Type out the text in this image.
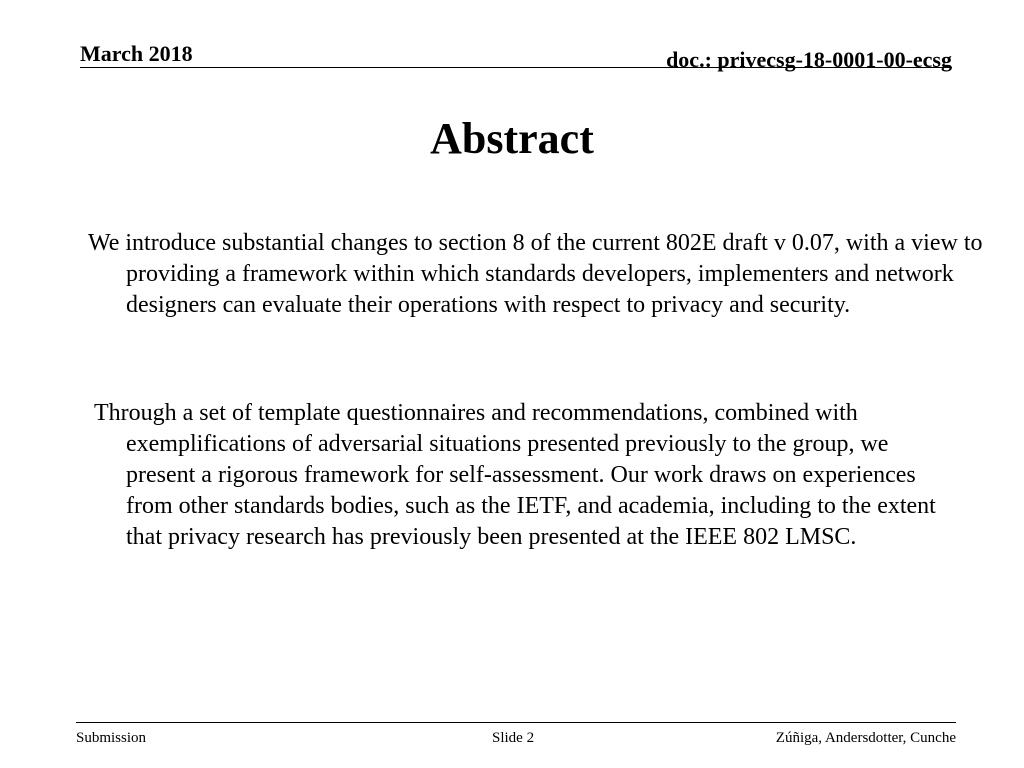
March 2018	doc.: privecsg-18-0001-00-ecsg
Abstract

We introduce substantial changes to section 8 of the current 802E draft v 0.07, with a view to providing a framework within which standards developers, implementers and network designers can evaluate their operations with respect to privacy and security.

Through a set of template questionnaires and recommendations, combined with exemplifications of adversarial situations presented previously to the group, we present a rigorous framework for self-assessment. Our work draws on experiences from other standards bodies, such as the IETF, and academia, including to the extent that privacy research has previously been presented at the IEEE 802 LMSC.

Submission	Slide 2	Zúñiga, Andersdotter, Cunche
